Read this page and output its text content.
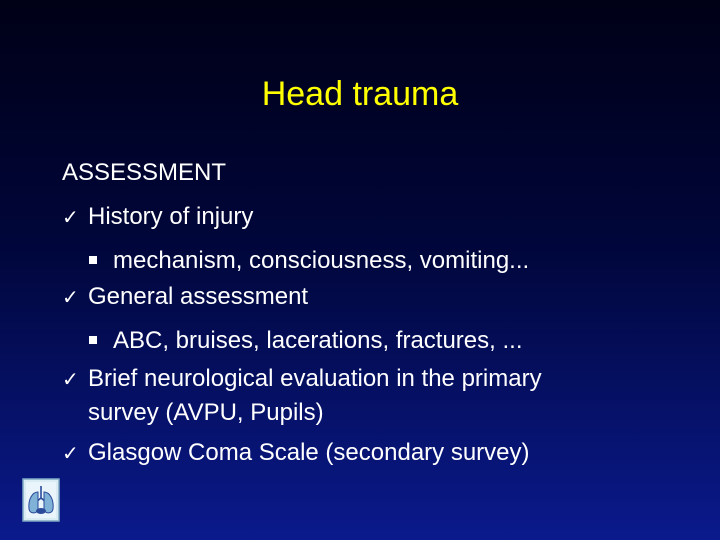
Head trauma
ASSESSMENT
✓ History of injury
mechanism, consciousness, vomiting...
✓ General assessment
ABC, bruises, lacerations, fractures, ...
✓ Brief neurological evaluation in the primary
survey (AVPU, Pupils)
✓ Glasgow Coma Scale (secondary survey)
